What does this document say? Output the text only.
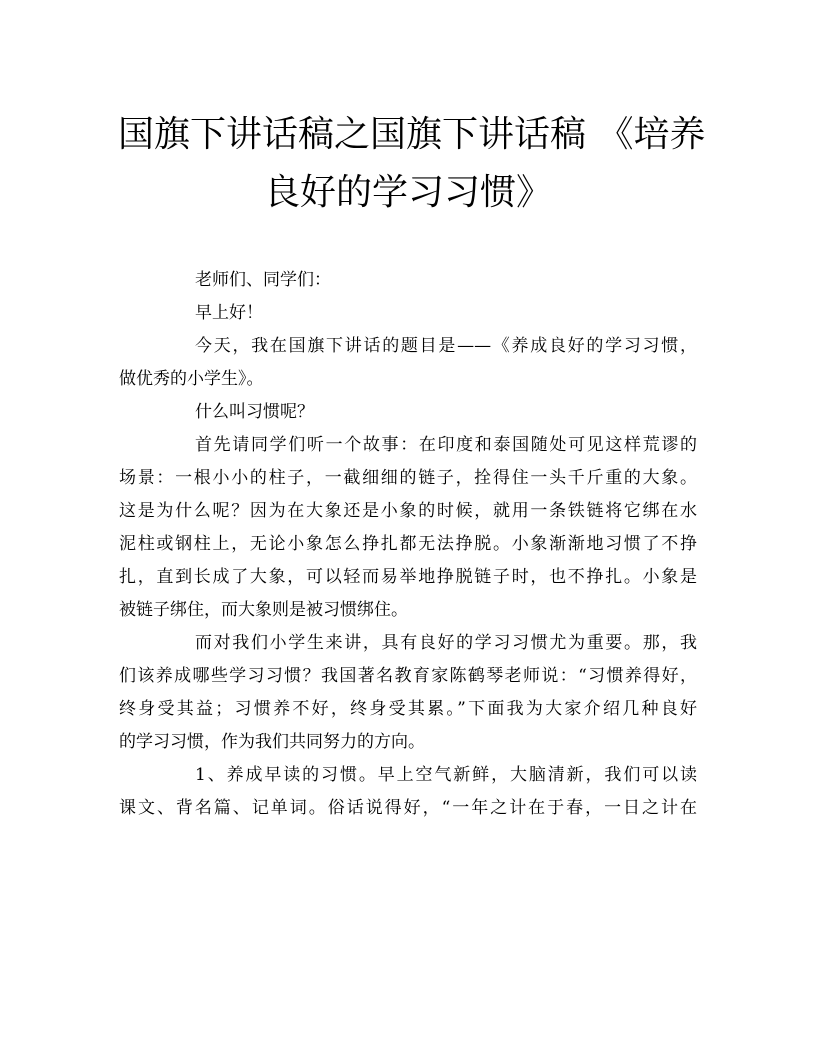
国旗下讲话稿之国旗下讲话稿 《培养
良好的学习习惯》
老师们、同学们：
早上好！
今天，我在国旗下讲话的题目是——《养成良好的学习习惯，
做优秀的小学生》。
什么叫习惯呢？
首先请同学们听一个故事：在印度和泰国随处可见这样荒谬的
场景：一根小小的柱子，一截细细的链子，拴得住一头千斤重的大象。
这是为什么呢？因为在大象还是小象的时候，就用一条铁链将它绑在水
泥柱或钢柱上，无论小象怎么挣扎都无法挣脱。小象渐渐地习惯了不挣
扎，直到长成了大象，可以轻而易举地挣脱链子时，也不挣扎。小象是
被链子绑住，而大象则是被习惯绑住。
而对我们小学生来讲，具有良好的学习习惯尤为重要。那，我
们该养成哪些学习习惯？我国著名教育家陈鹤琴老师说：“习惯养得好，
终身受其益；习惯养不好，终身受其累。”下面我为大家介绍几种良好
的学习习惯，作为我们共同努力的方向。
1、养成早读的习惯。早上空气新鲜，大脑清新，我们可以读
课文、背名篇、记单词。俗话说得好，“一年之计在于春，一日之计在
